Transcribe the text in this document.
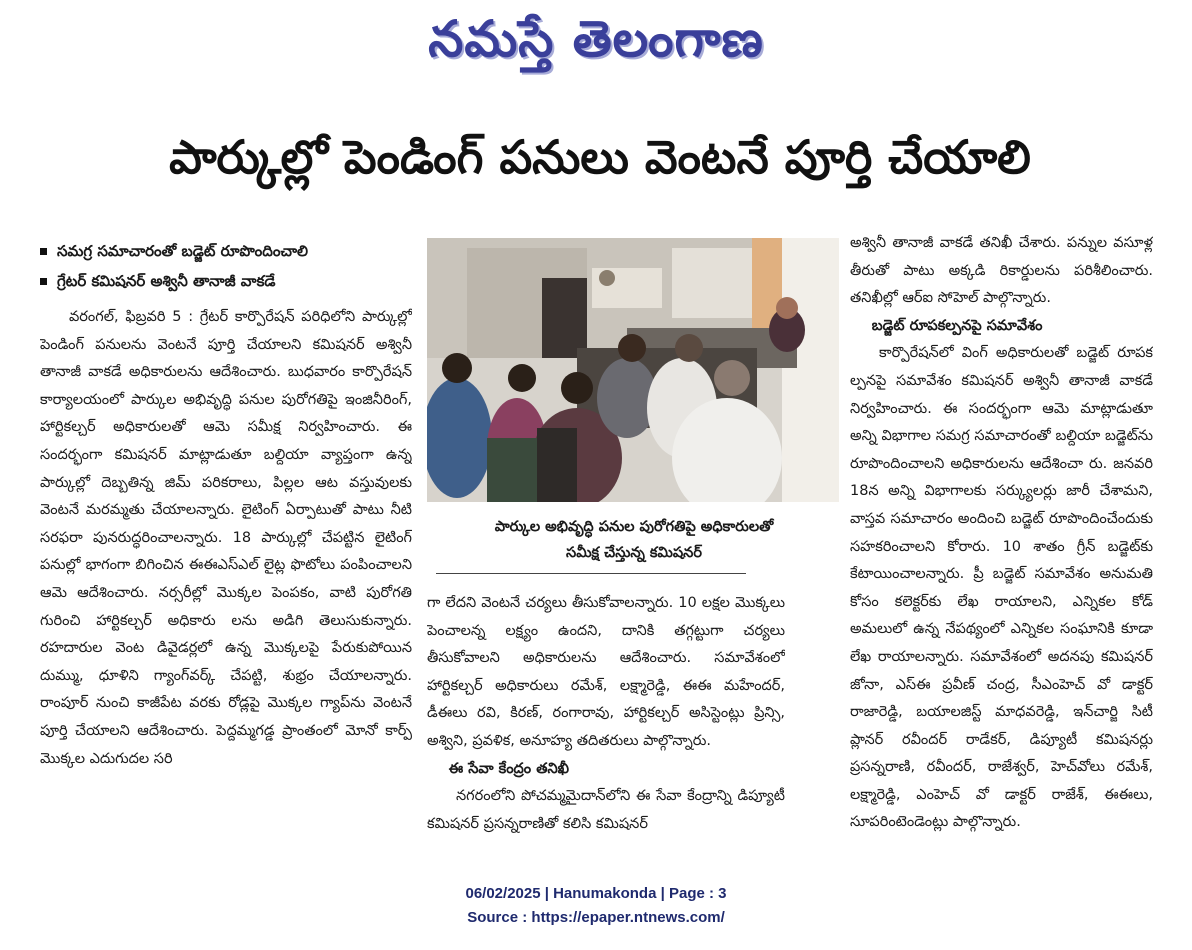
నమస్తే తెలంగాణ
పార్కుల్లో పెండింగ్ పనులు వెంటనే పూర్తి చేయాలి
సమగ్ర సమాచారంతో బడ్జెట్ రూపొందించాలి
గ్రేటర్ కమిషనర్ అశ్వినీ తానాజీ వాకడే

వరంగల్, ఫిబ్రవరి 5 : గ్రేటర్ కార్పొరేషన్ పరిధిలోని పార్కుల్లో పెండింగ్ పనులను వెంటనే పూర్తి చేయాలని కమిషనర్ అశ్వినీ తానాజీ వాకడే అధికారులను ఆదేశించారు. బుధవారం కార్పొరేషన్ కార్యాలయంలో పార్కుల అభివృద్ధి పనుల పురోగతిపై ఇంజినీరింగ్, హార్టికల్చర్ అధికారులతో ఆమె సమీక్ష నిర్వహించారు. ఈ సందర్భంగా కమిషనర్ మాట్లాడుతూ బల్దియా వ్యాప్తంగా ఉన్న పార్కుల్లో దెబ్బతిన్న జిమ్ పరికరాలు, పిల్లల ఆట వస్తువులకు వెంటనే మరమ్మతు చేయాలన్నారు. లైటింగ్ ఏర్పాటుతో పాటు నీటి సరఫరా పునరుద్ధరించాలన్నారు. 18 పార్కుల్లో చేపట్టిన లైటింగ్ పనుల్లో భాగంగా బిగించిన ఈఈఎస్ఎల్ లైట్ల ఫొటోలు పంపించాలని ఆమె ఆదేశించారు. నర్సరీల్లో మొక్కల పెంపకం, వాటి పురోగతి గురించి హార్టికల్చర్ అధికారు లను అడిగి తెలుసుకున్నారు. రహదారుల వెంట డివైడర్లలో ఉన్న మొక్కలపై పేరుకుపోయిన దుమ్ము, ధూళిని గ్యాంగ్‌వర్క్ చేపట్టి, శుభ్రం చేయాలన్నారు. రాంపూర్ నుంచి కాజీపేట వరకు రోడ్లపై మొక్కల గ్యాప్‌ను వెంటనే పూర్తి చేయాలని ఆదేశించారు. పెద్దమ్మగడ్డ ప్రాంతంలో మోనో కార్ప్ మొక్కల ఎదుగుదల సరి

పార్కుల అభివృద్ధి పనుల పురోగతిపై అధికారులతో
సమీక్ష చేస్తున్న కమిషనర్

గా లేదని వెంటనే చర్యలు తీసుకోవాలన్నారు. 10 లక్షల మొక్కలు పెంచాలన్న లక్ష్యం ఉందని, దానికి తగ్గట్టుగా చర్యలు తీసుకోవాలని అధికారులను ఆదేశించారు. సమావేశంలో హార్టికల్చర్ అధికారులు రమేశ్, లక్ష్మారెడ్డి, ఈఈ మహేందర్, డీఈలు రవి, కిరణ్, రంగారావు, హార్టికల్చర్ అసిస్టెంట్లు ప్రిన్సి, అశ్విని, ప్రవళిక, అనూహ్య తదితరులు పాల్గొన్నారు.

ఈ సేవా కేంద్రం తనిఖీ

నగరంలోని పోచమ్మమైదాన్‌లోని ఈ సేవా కేంద్రాన్ని డిప్యూటీ కమిషనర్ ప్రసన్నరాణితో కలిసి కమిషనర్

అశ్వినీ తానాజీ వాకడే తనిఖీ చేశారు. పన్నుల వసూళ్ల తీరుతో పాటు అక్కడి రికార్డులను పరిశీలించారు. తనిఖీల్లో ఆర్ఐ సోహెల్ పాల్గొన్నారు.

బడ్జెట్ రూపకల్పనపై సమావేశం

కార్పొరేషన్‌లో వింగ్ అధికారులతో బడ్జెట్ రూపక ల్పనపై సమావేశం కమిషనర్ అశ్వినీ తానాజీ వాకడే నిర్వహించారు. ఈ సందర్భంగా ఆమె మాట్లాడుతూ అన్ని విభాగాల సమగ్ర సమాచారంతో బల్దియా బడ్జెట్‌ను రూపొందించాలని అధికారులను ఆదేశించా రు. జనవరి 18న అన్ని విభాగాలకు సర్క్యులర్లు జారీ చేశామని, వాస్తవ సమాచారం అందించి బడ్జెట్ రూపొందించేందుకు సహకరించాలని కోరారు. 10 శాతం గ్రీన్ బడ్జెట్‌కు కేటాయించాలన్నారు. ప్రీ బడ్జెట్ సమావేశం అనుమతి కోసం కలెక్టర్‌కు లేఖ రాయాలని, ఎన్నికల కోడ్ అమలులో ఉన్న నేపథ్యంలో ఎన్నికల సంఘానికి కూడా లేఖ రాయాలన్నారు. సమావేశంలో అదనపు కమిషనర్ జోనా, ఎస్ఈ ప్రవీణ్ చంద్ర, సీఎంహెచ్ వో డాక్టర్ రాజారెడ్డి, బయాలజిస్ట్ మాధవరెడ్డి, ఇన్‌చార్జి సిటీ ప్లానర్ రవీందర్ రాడేకర్, డిప్యూటీ కమిషనర్లు ప్రసన్నరాణి, రవీందర్, రాజేశ్వర్, హెచ్‌వోలు రమేశ్, లక్ష్మారెడ్డి, ఎంహెచ్ వో డాక్టర్ రాజేశ్, ఈఈలు, సూపరింటెండెంట్లు పాల్గొన్నారు.

06/02/2025 | Hanumakonda | Page : 3
Source : https://epaper.ntnews.com/
